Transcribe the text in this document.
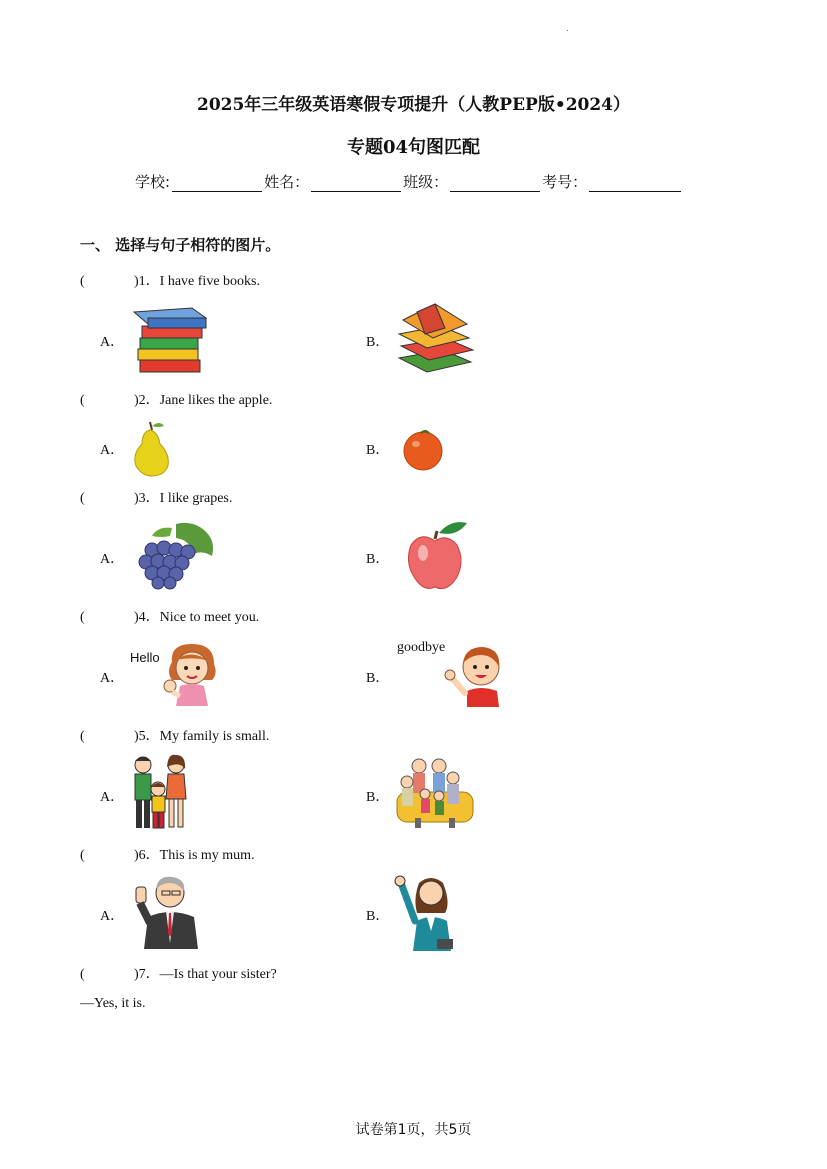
.
2025年三年级英语寒假专项提升（人教PEP版•2024）
专题04句图匹配
学校:	姓名：	班级：	考号：
一、 选择与句子相符的图片。
(	)1．I have five books.
A．	B．
(	)2．Jane likes the apple.
A．	B．
(	)3．I like grapes.
A．	B．
(	)4．Nice to meet you.
A．	B．
Hello
goodbye
(	)5．My family is small.
A．	B．
(	)6．This is my mum.
A．	B．
(	)7．—Is that your sister?
—Yes, it is.
试卷第1页，共5页
